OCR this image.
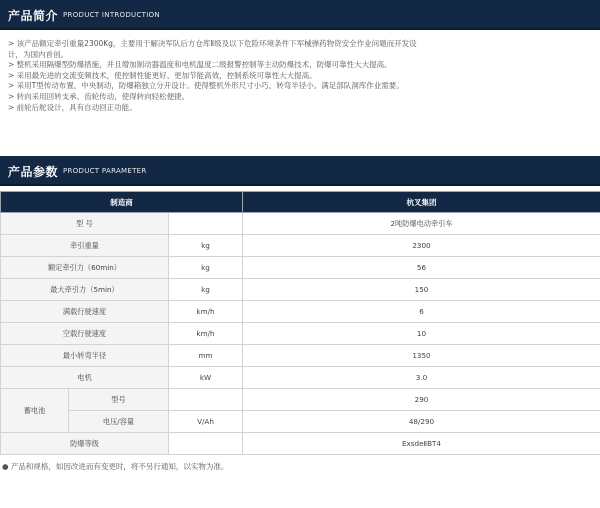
产品简介 PRODUCT INTRODUCTION

> 该产品额定牵引重量2300Kg，主要用于解决军队后方仓库Ⅱ级及以下危险环境条件下军械弹药物资安全作业问题而开发设

计，为国内首创。

> 整机采用隔爆型防爆措施，并且增加制动器温度和电机温度二级报警控制等主动防爆技术，防爆可靠性大大提高。

> 采用最先进的交流变频技术，使控制性能更好、更加节能高效，控制系统可靠性大大提高。

> 采用T型传动布置，中央制动，防爆箱独立分开设计。使得整机外形尺寸小巧，转弯半径小。满足部队洞库作业需要。

> 转向采用回转支承、齿轮传动，使得转向轻松便捷。

> 前轮后舵设计，具有自动回正功能。

产品参数 PRODUCT PARAMETER
制造商			杭叉集团
型 号			2吨防爆电动牵引车
牵引重量		kg	2300
额定牵引力（60min）		kg	56
最大牵引力（5min）		kg	150
满载行驶速度		km/h	6
空载行驶速度		km/h	10
最小转弯半径		mm	1350
电机		kW	3.0
蓄电池	型号		290
	电压/容量	V/Ah	48/290
防爆等级			ExsdeⅡBT4
● 产品和规格，如因改进而有变更时，将不另行通知，以实物为准。
